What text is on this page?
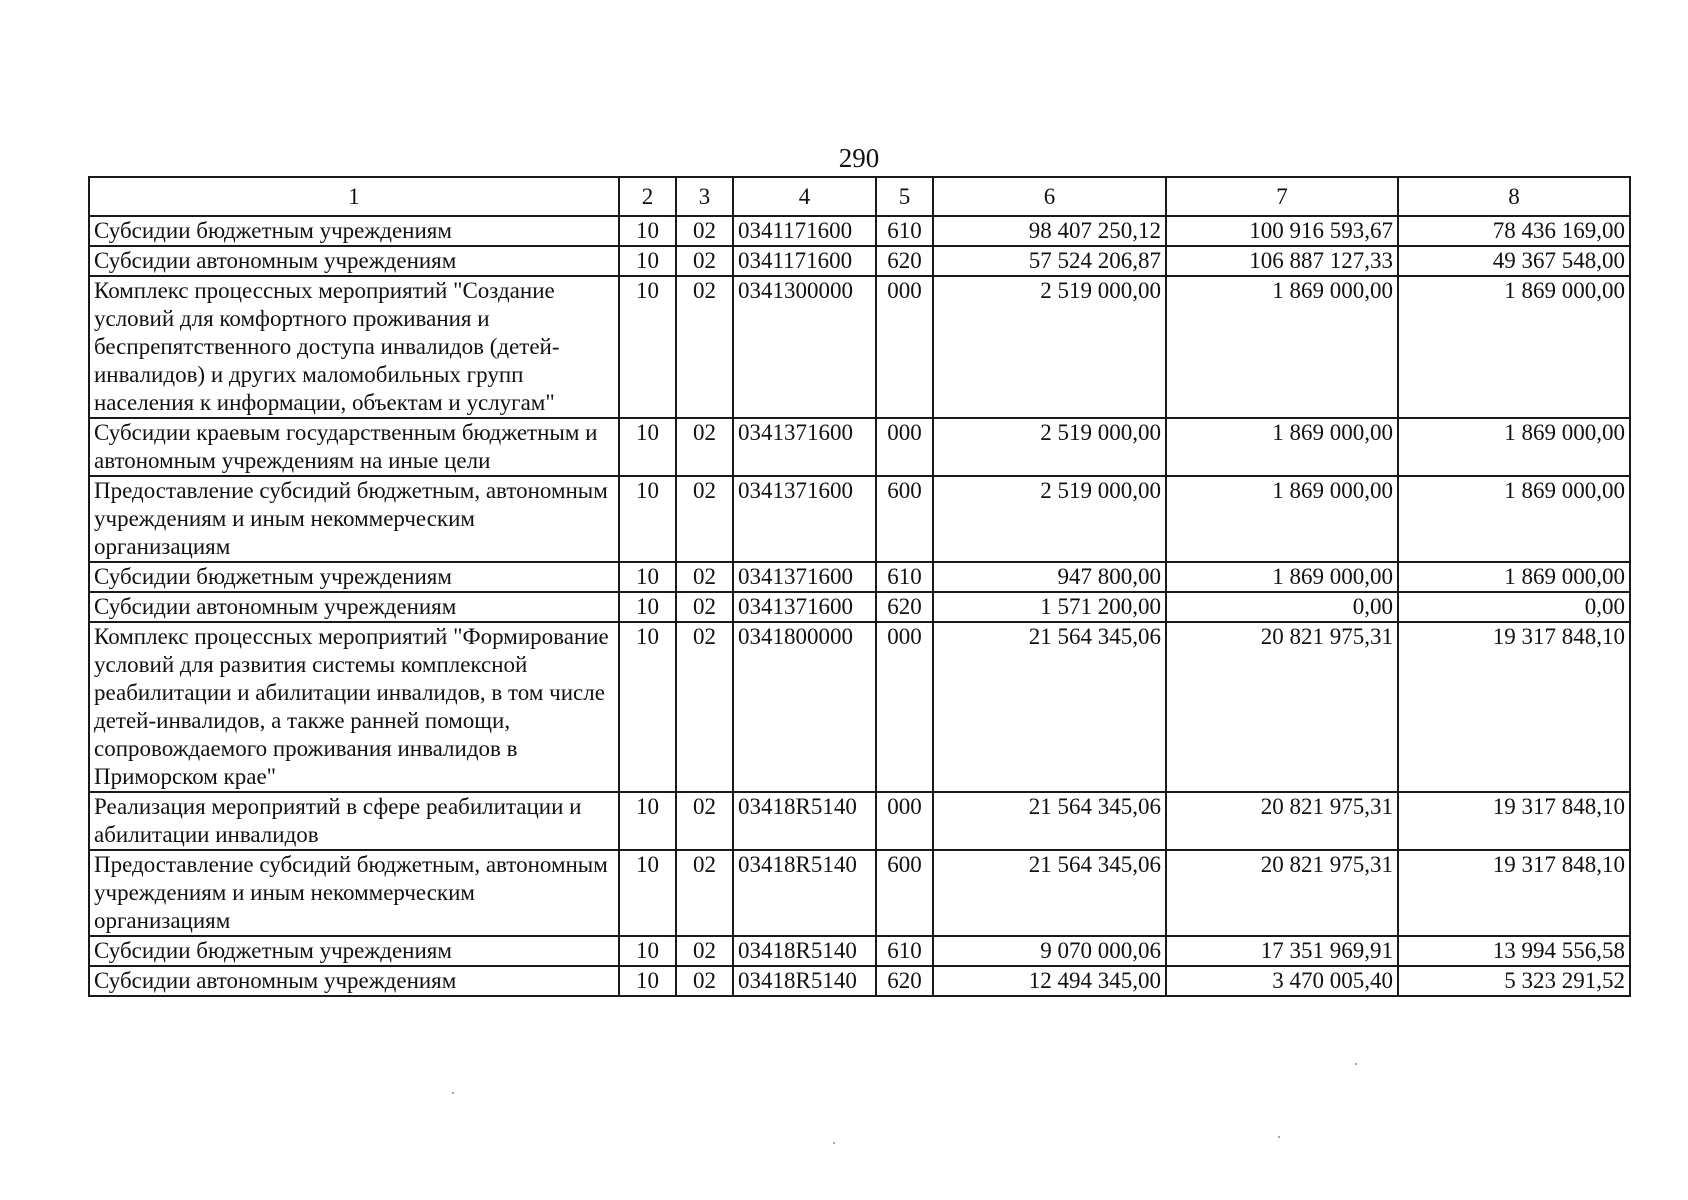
290
1	2	3	4	5	6	7	8
Субсидии бюджетным учреждениям	10	02	0341171600	610	98 407 250,12	100 916 593,67	78 436 169,00
Субсидии автономным учреждениям	10	02	0341171600	620	57 524 206,87	106 887 127,33	49 367 548,00
Комплекс процессных мероприятий "Создание условий для комфортного проживания и беспрепятственного доступа инвалидов (детей-инвалидов) и других маломобильных групп населения к информации, объектам и услугам"	10	02	0341300000	000	2 519 000,00	1 869 000,00	1 869 000,00
Субсидии краевым государственным бюджетным и автономным учреждениям на иные цели	10	02	0341371600	000	2 519 000,00	1 869 000,00	1 869 000,00
Предоставление субсидий бюджетным, автономным учреждениям и иным некоммерческим организациям	10	02	0341371600	600	2 519 000,00	1 869 000,00	1 869 000,00
Субсидии бюджетным учреждениям	10	02	0341371600	610	947 800,00	1 869 000,00	1 869 000,00
Субсидии автономным учреждениям	10	02	0341371600	620	1 571 200,00	0,00	0,00
Комплекс процессных мероприятий "Формирование условий для развития системы комплексной реабилитации и абилитации инвалидов, в том числе детей-инвалидов, а также ранней помощи, сопровождаемого проживания инвалидов в Приморском крае"	10	02	0341800000	000	21 564 345,06	20 821 975,31	19 317 848,10
Реализация мероприятий в сфере реабилитации и абилитации инвалидов	10	02	03418R5140	000	21 564 345,06	20 821 975,31	19 317 848,10
Предоставление субсидий бюджетным, автономным учреждениям и иным некоммерческим организациям	10	02	03418R5140	600	21 564 345,06	20 821 975,31	19 317 848,10
Субсидии бюджетным учреждениям	10	02	03418R5140	610	9 070 000,06	17 351 969,91	13 994 556,58
Субсидии автономным учреждениям	10	02	03418R5140	620	12 494 345,00	3 470 005,40	5 323 291,52
